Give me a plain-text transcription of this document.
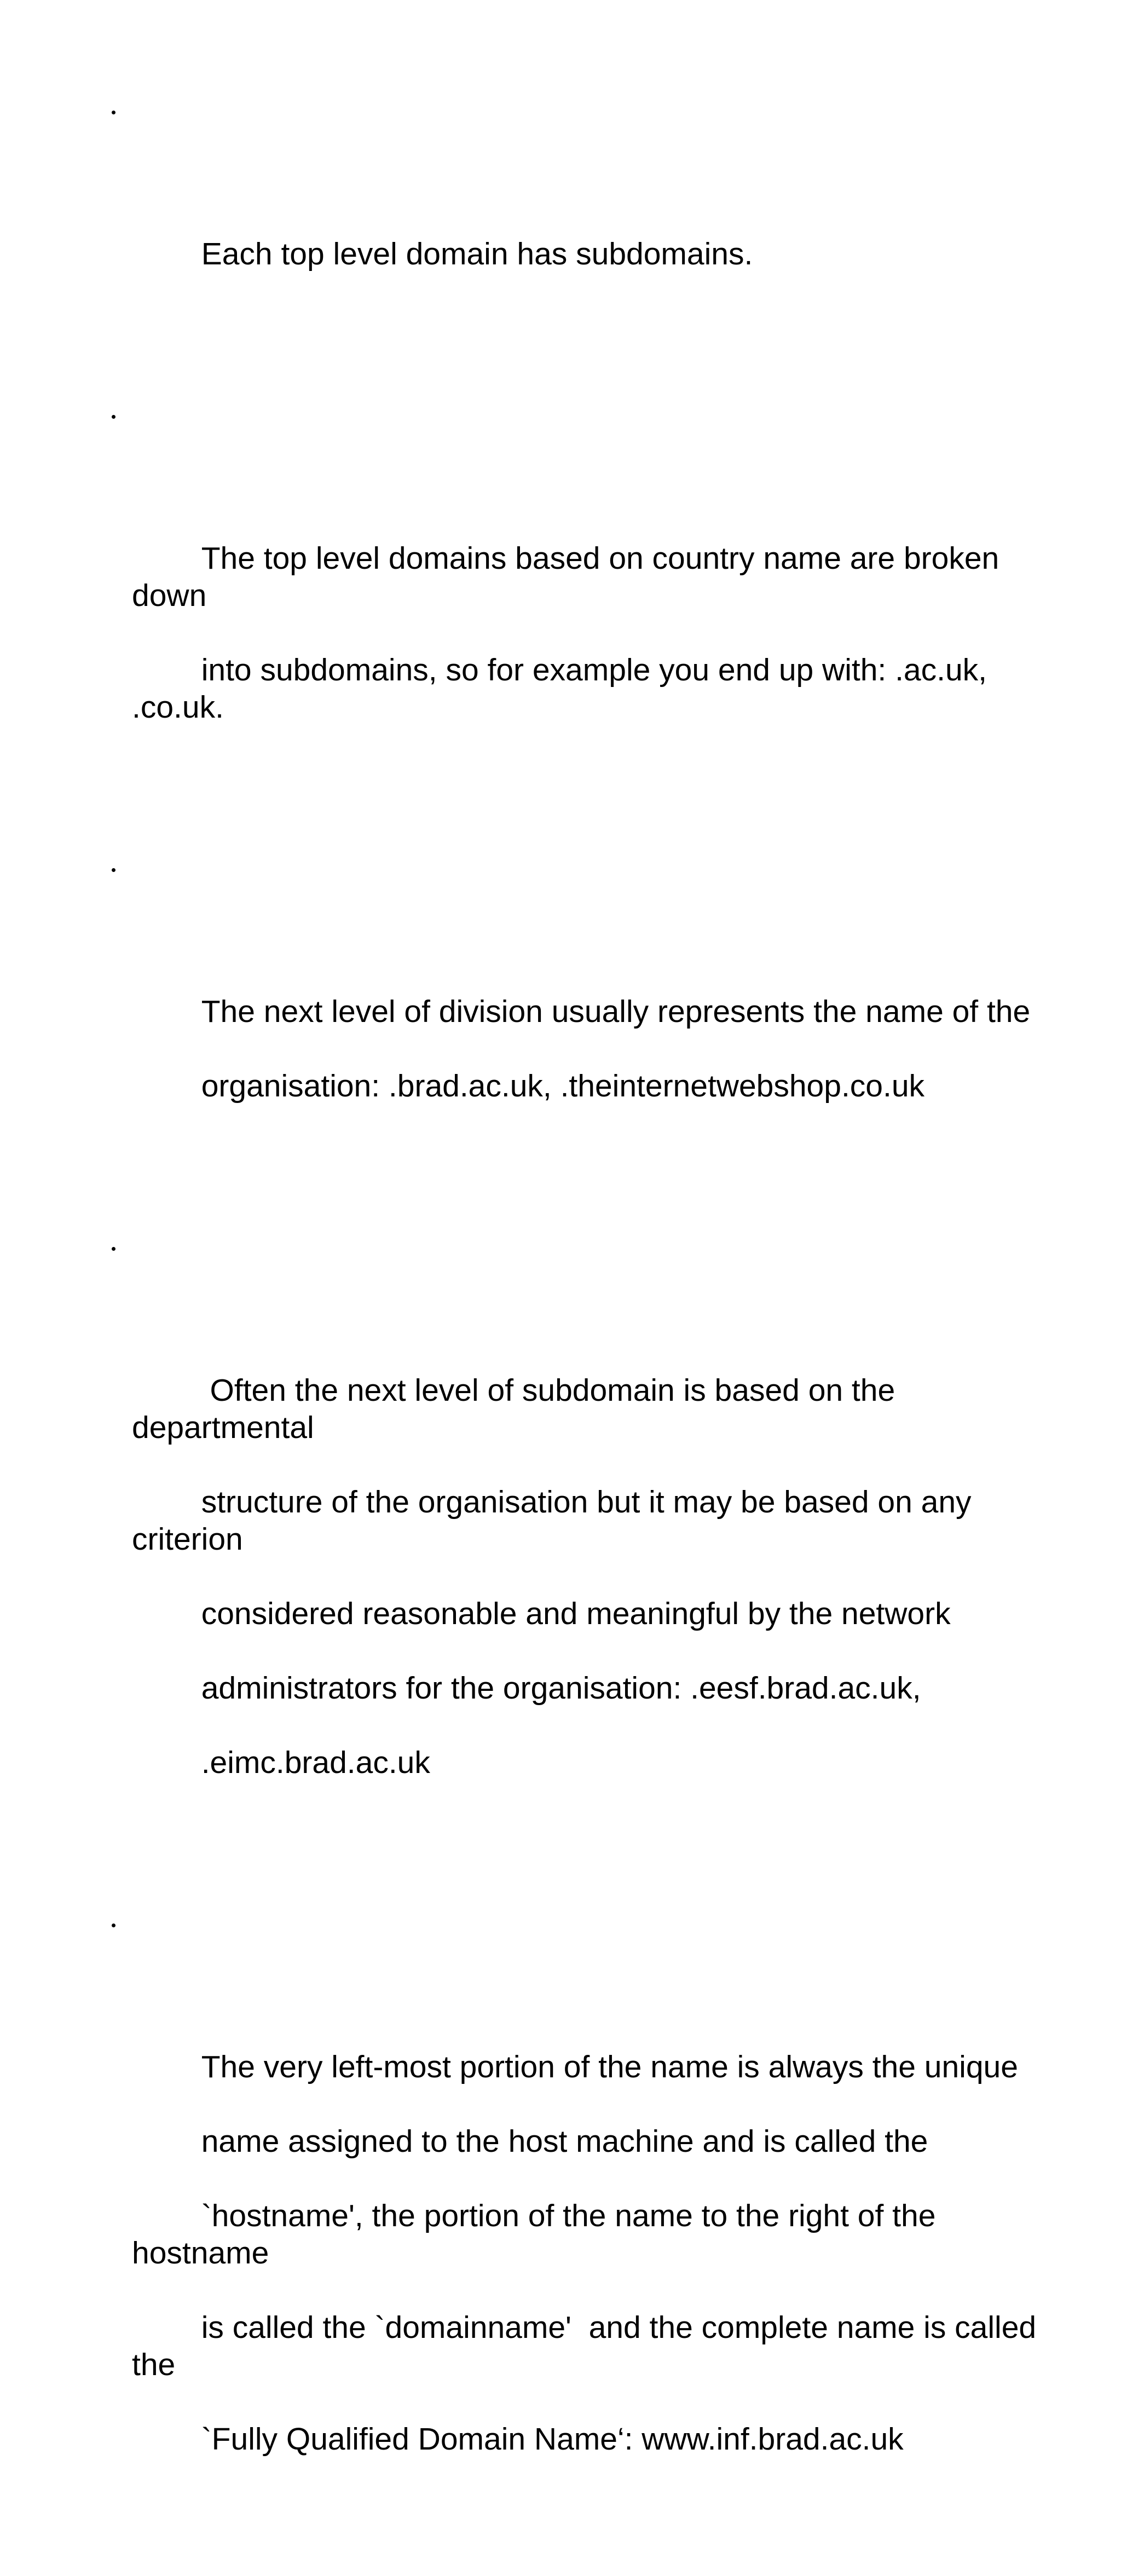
Each top level domain has subdomains.

The top level domains based on country name are broken down

into subdomains, so for example you end up with: .ac.uk, .co.uk.

The next level of division usually represents the name of the

organisation: .brad.ac.uk, .theinternetwebshop.co.uk

Often the next level of subdomain is based on the departmental

structure of the organisation but it may be based on any criterion

considered reasonable and meaningful by the network

administrators for the organisation: .eesf.brad.ac.uk,

.eimc.brad.ac.uk

The very left-most portion of the name is always the unique

name assigned to the host machine and is called the

`hostname', the portion of the name to the right of the hostname

is called the `domainname'  and the complete name is called the

`Fully Qualified Domain Name‘: www.inf.brad.ac.uk
